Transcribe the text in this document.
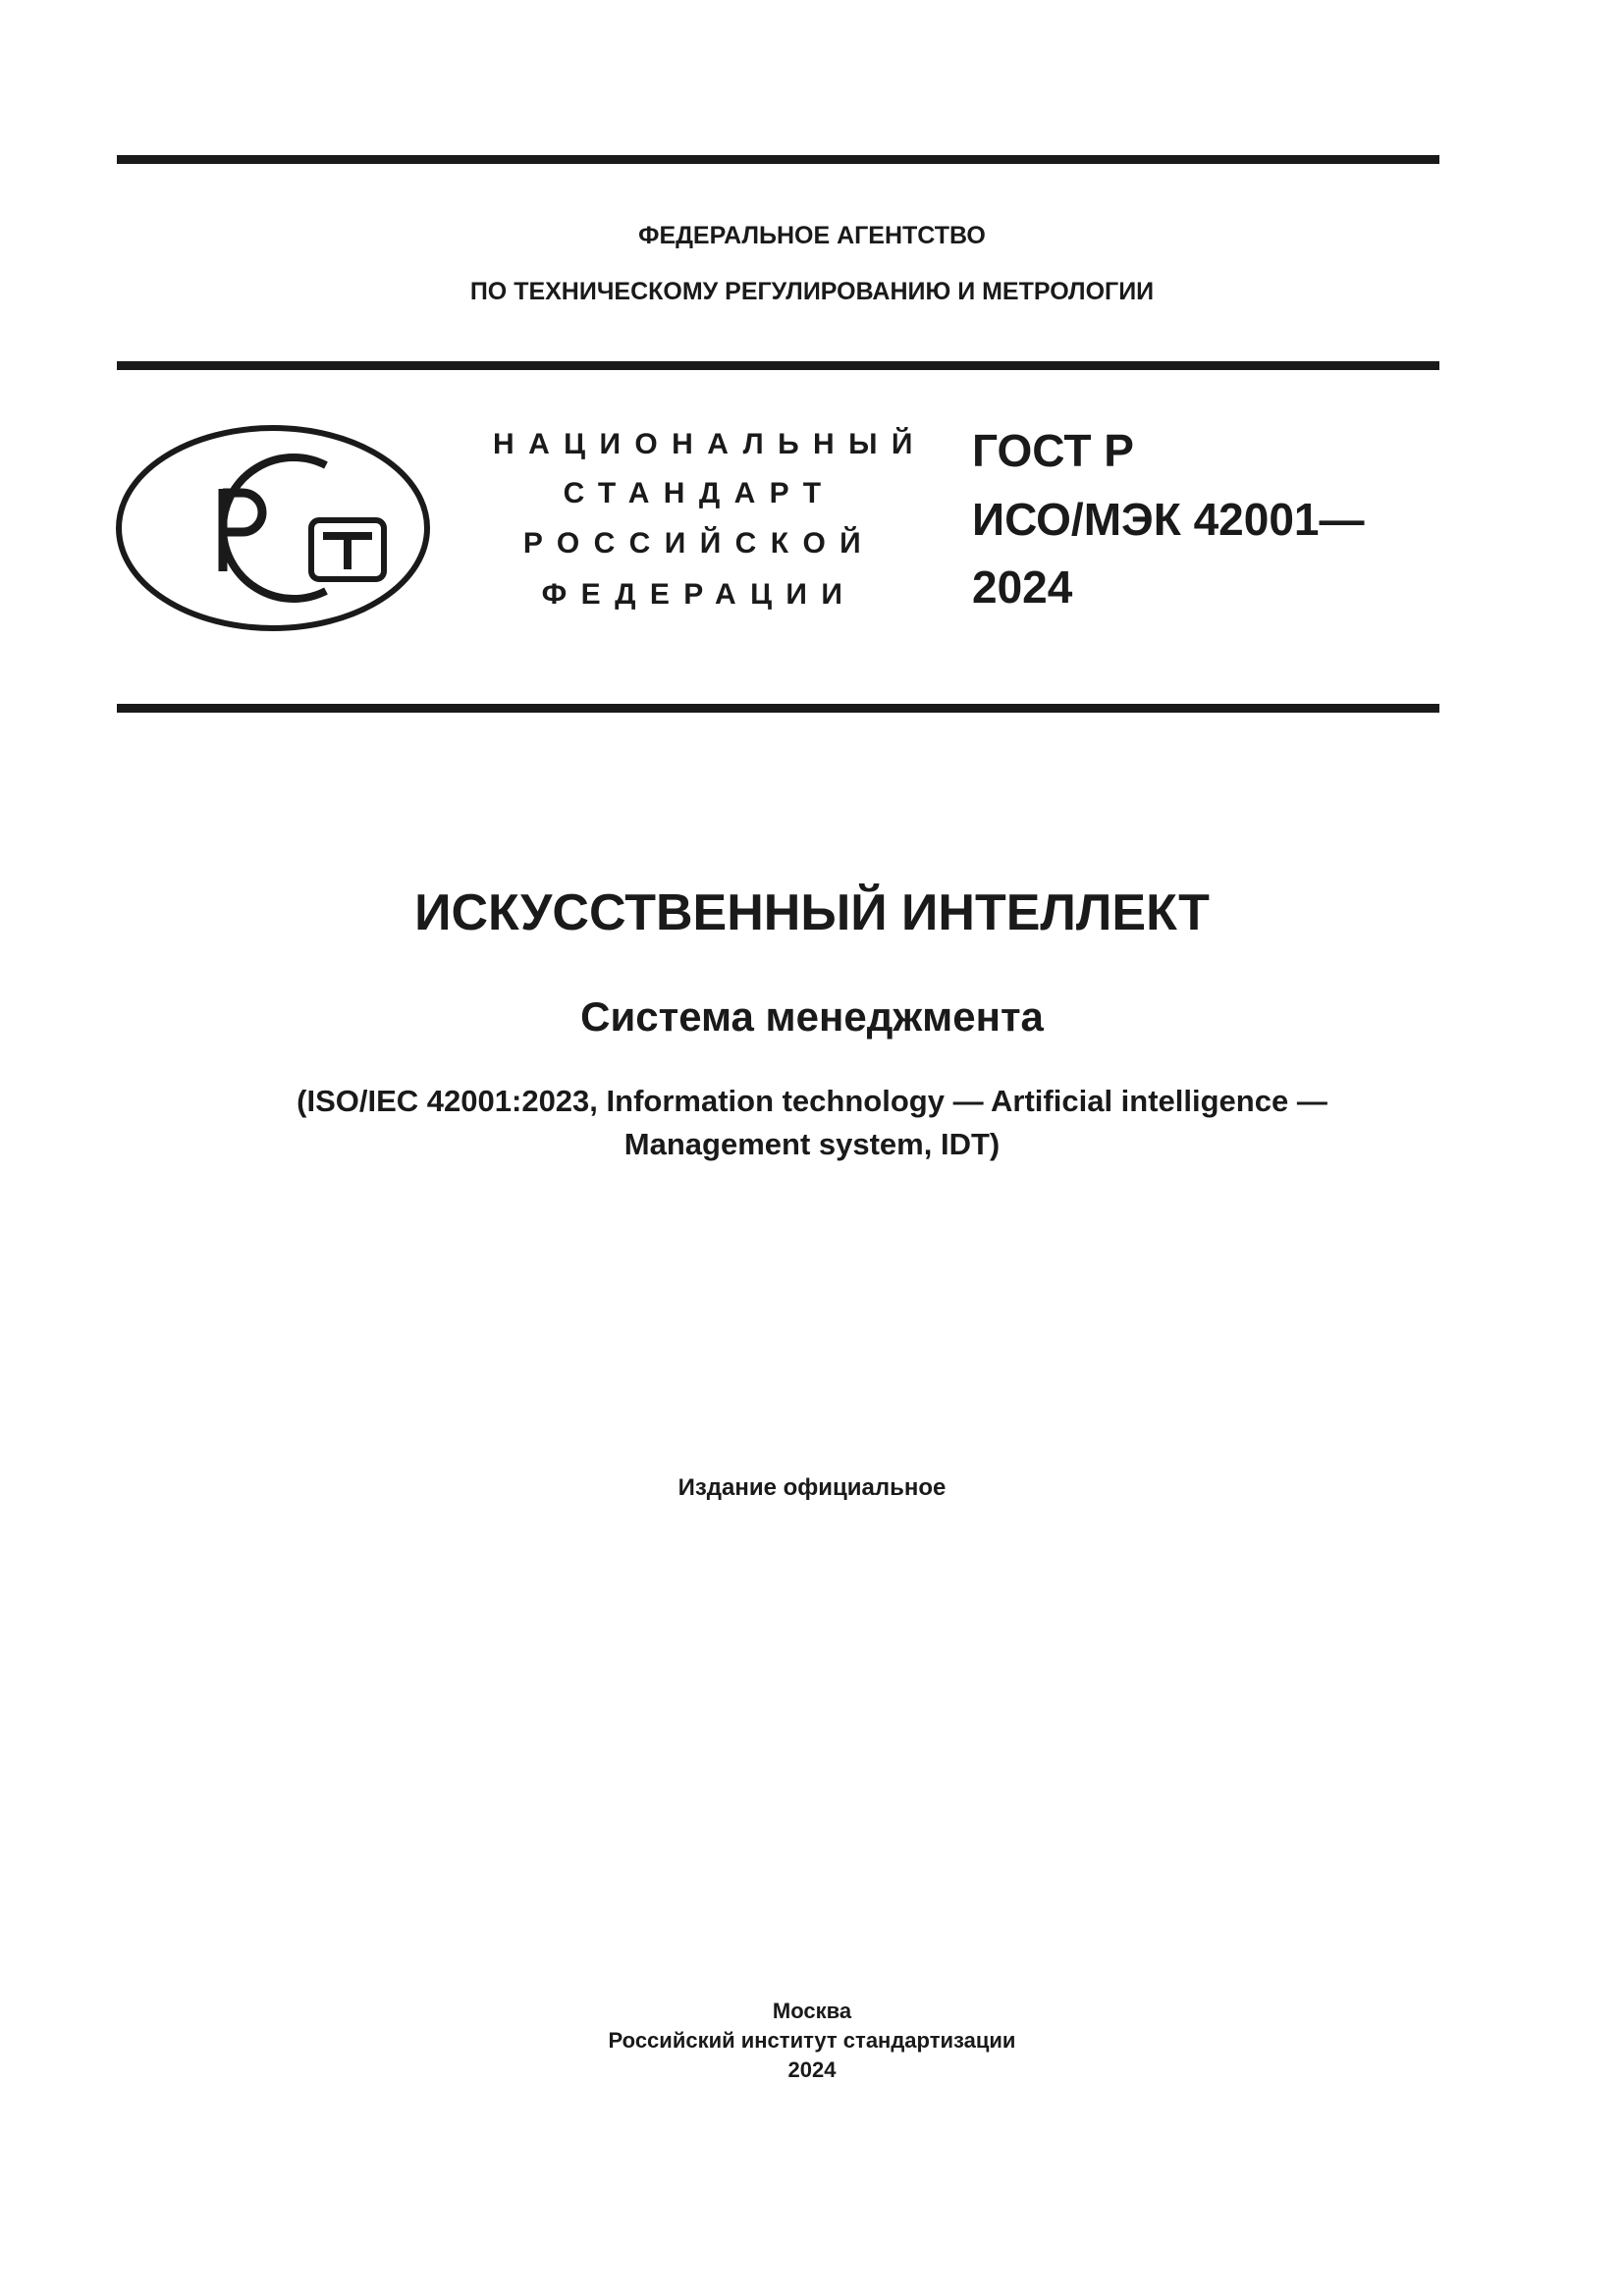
ФЕДЕРАЛЬНОЕ АГЕНТСТВО
ПО ТЕХНИЧЕСКОМУ РЕГУЛИРОВАНИЮ И МЕТРОЛОГИИ
НАЦИОНАЛЬНЫЙ
СТАНДАРТ
РОССИЙСКОЙ
ФЕДЕРАЦИИ
ГОСТ Р
ИСО/МЭК 42001—
2024
ИСКУССТВЕННЫЙ ИНТЕЛЛЕКТ
Система менеджмента
(ISO/IEC 42001:2023, Information technology — Artificial intelligence —
Management system, IDT)
Издание официальное
Москва
Российский институт стандартизации
2024
